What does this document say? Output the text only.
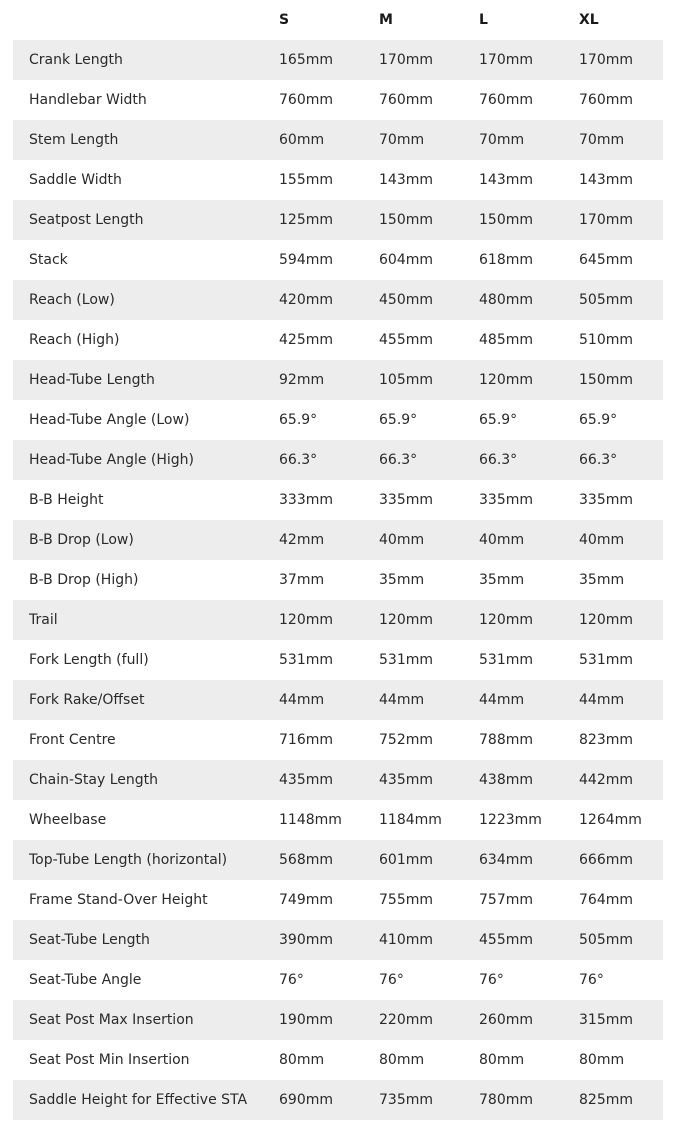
	S	M	L	XL
Crank Length	165mm	170mm	170mm	170mm
Handlebar Width	760mm	760mm	760mm	760mm
Stem Length	60mm	70mm	70mm	70mm
Saddle Width	155mm	143mm	143mm	143mm
Seatpost Length	125mm	150mm	150mm	170mm
Stack	594mm	604mm	618mm	645mm
Reach (Low)	420mm	450mm	480mm	505mm
Reach (High)	425mm	455mm	485mm	510mm
Head-Tube Length	92mm	105mm	120mm	150mm
Head-Tube Angle (Low)	65.9°	65.9°	65.9°	65.9°
Head-Tube Angle (High)	66.3°	66.3°	66.3°	66.3°
B-B Height	333mm	335mm	335mm	335mm
B-B Drop (Low)	42mm	40mm	40mm	40mm
B-B Drop (High)	37mm	35mm	35mm	35mm
Trail	120mm	120mm	120mm	120mm
Fork Length (full)	531mm	531mm	531mm	531mm
Fork Rake/Offset	44mm	44mm	44mm	44mm
Front Centre	716mm	752mm	788mm	823mm
Chain-Stay Length	435mm	435mm	438mm	442mm
Wheelbase	1148mm	1184mm	1223mm	1264mm
Top-Tube Length (horizontal)	568mm	601mm	634mm	666mm
Frame Stand-Over Height	749mm	755mm	757mm	764mm
Seat-Tube Length	390mm	410mm	455mm	505mm
Seat-Tube Angle	76°	76°	76°	76°
Seat Post Max Insertion	190mm	220mm	260mm	315mm
Seat Post Min Insertion	80mm	80mm	80mm	80mm
Saddle Height for Effective STA	690mm	735mm	780mm	825mm
